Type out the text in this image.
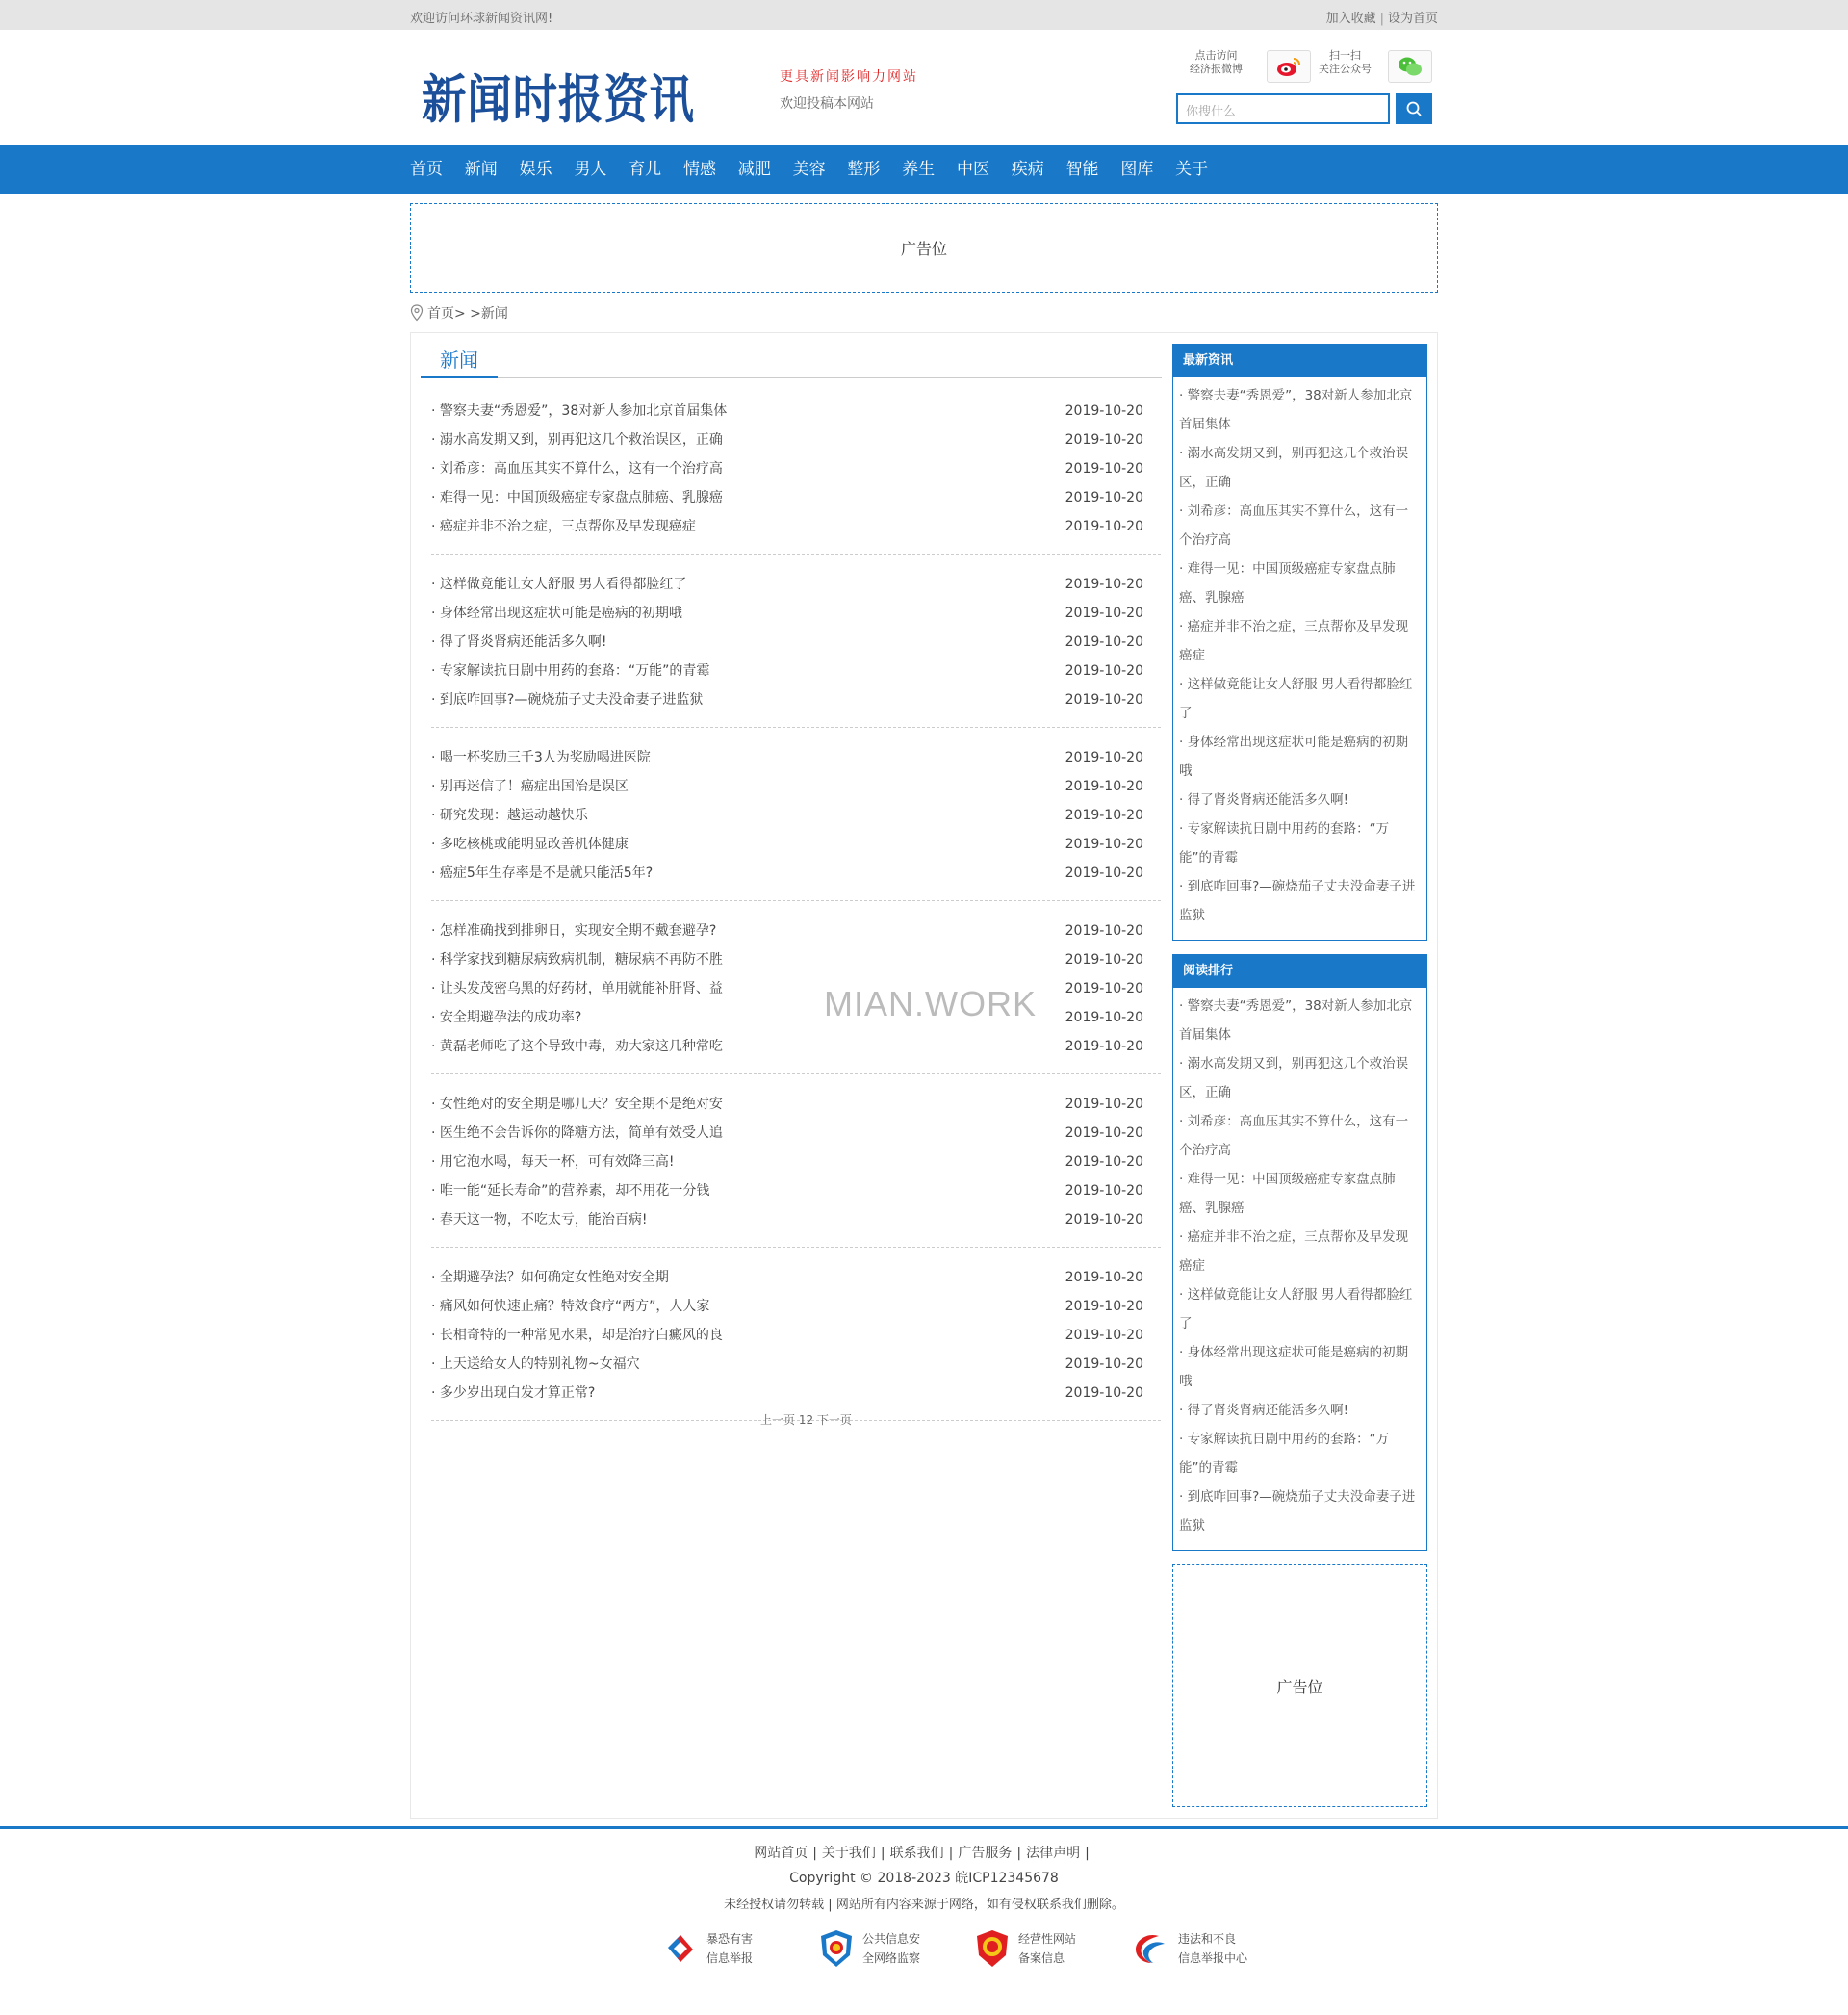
欢迎访问环球新闻资讯网!	加入收藏 | 设为首页
新闻时报资讯	更具新闻影响力网站
欢迎投稿本网站
点击访问
经济报微博
扫一扫
关注公众号
你搜什么
首页	新闻	娱乐	男人	育儿	情感	减肥	美容	整形	养生	中医	疾病	智能	图库	关于
广告位
首页> >新闻
新闻
· 警察夫妻“秀恩爱”，38对新人参加北京首届集体	2019-10-20
· 溺水高发期又到，别再犯这几个救治误区，正确	2019-10-20
· 刘希彦：高血压其实不算什么，这有一个治疗高	2019-10-20
· 难得一见：中国顶级癌症专家盘点肺癌、乳腺癌	2019-10-20
· 癌症并非不治之症，三点帮你及早发现癌症	2019-10-20
· 这样做竟能让女人舒服 男人看得都脸红了	2019-10-20
· 身体经常出现这症状可能是癌病的初期哦	2019-10-20
· 得了肾炎肾病还能活多久啊!	2019-10-20
· 专家解读抗日剧中用药的套路：“万能”的青霉	2019-10-20
· 到底咋回事?—碗烧茄子丈夫没命妻子进监狱	2019-10-20
· 喝一杯奖励三千3人为奖励喝进医院	2019-10-20
· 别再迷信了！癌症出国治是误区	2019-10-20
· 研究发现：越运动越快乐	2019-10-20
· 多吃核桃或能明显改善机体健康	2019-10-20
· 癌症5年生存率是不是就只能活5年?	2019-10-20
· 怎样准确找到排卵日，实现安全期不戴套避孕?	2019-10-20
· 科学家找到糖尿病致病机制，糖尿病不再防不胜	2019-10-20
· 让头发茂密乌黑的好药材，单用就能补肝肾、益	2019-10-20
· 安全期避孕法的成功率?	2019-10-20
· 黄磊老师吃了这个导致中毒，劝大家这几种常吃	2019-10-20
· 女性绝对的安全期是哪几天？安全期不是绝对安	2019-10-20
· 医生绝不会告诉你的降糖方法，简单有效受人追	2019-10-20
· 用它泡水喝，每天一杯，可有效降三高!	2019-10-20
· 唯一能“延长寿命”的营养素，却不用花一分钱	2019-10-20
· 春天这一物，不吃太亏，能治百病!	2019-10-20
· 全期避孕法？如何确定女性绝对安全期	2019-10-20
· 痛风如何快速止痛？特效食疗“两方”，人人家	2019-10-20
· 长相奇特的一种常见水果，却是治疗白癜风的良	2019-10-20
· 上天送给女人的特别礼物~女福穴	2019-10-20
· 多少岁出现白发才算正常?	2019-10-20
MIAN.WORK
上一页 12 下一页
最新资讯
· 警察夫妻“秀恩爱”，38对新人参加北京首届集体
· 溺水高发期又到，别再犯这几个救治误区，正确
· 刘希彦：高血压其实不算什么，这有一个治疗高
· 难得一见：中国顶级癌症专家盘点肺癌、乳腺癌
· 癌症并非不治之症，三点帮你及早发现癌症
· 这样做竟能让女人舒服 男人看得都脸红了
· 身体经常出现这症状可能是癌病的初期哦
· 得了肾炎肾病还能活多久啊!
· 专家解读抗日剧中用药的套路：“万能”的青霉
· 到底咋回事?—碗烧茄子丈夫没命妻子进监狱
阅读排行
· 警察夫妻“秀恩爱”，38对新人参加北京首届集体
· 溺水高发期又到，别再犯这几个救治误区，正确
· 刘希彦：高血压其实不算什么，这有一个治疗高
· 难得一见：中国顶级癌症专家盘点肺癌、乳腺癌
· 癌症并非不治之症，三点帮你及早发现癌症
· 这样做竟能让女人舒服 男人看得都脸红了
· 身体经常出现这症状可能是癌病的初期哦
· 得了肾炎肾病还能活多久啊!
· 专家解读抗日剧中用药的套路：“万能”的青霉
· 到底咋回事?—碗烧茄子丈夫没命妻子进监狱
广告位
网站首页 | 关于我们 | 联系我们 | 广告服务 | 法律声明 |
Copyright © 2018-2023 皖ICP12345678
未经授权请勿转载 | 网站所有内容来源于网络，如有侵权联系我们删除。
暴恐有害
信息举报
公共信息安
全网络监察
经营性网站
备案信息
违法和不良
信息举报中心
